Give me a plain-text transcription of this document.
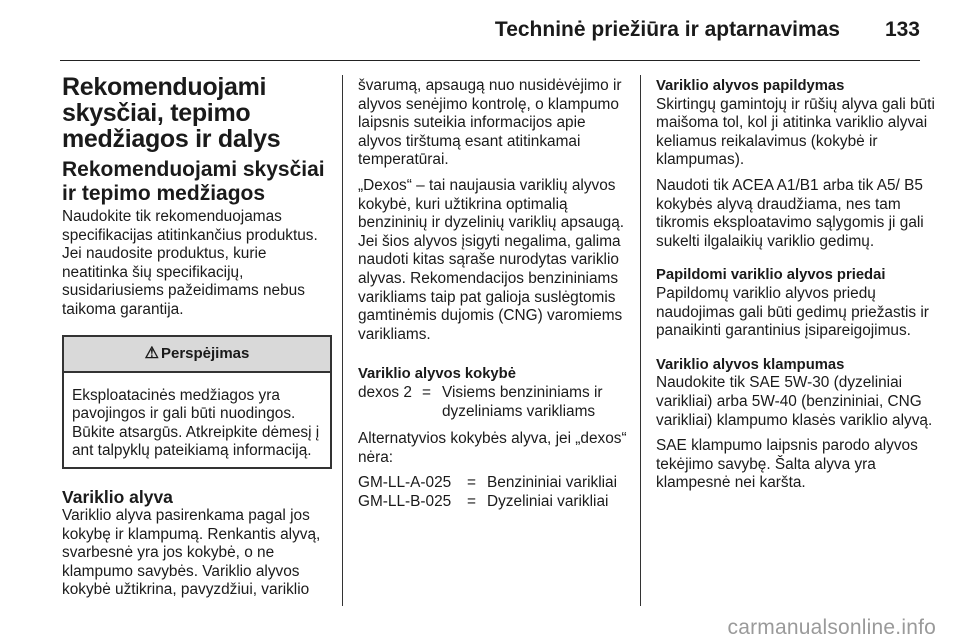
Techninė priežiūra ir aptarnavimas 133
Rekomenduojami skysčiai, tepimo medžiagos ir dalys
Rekomenduojami skysčiai ir tepimo medžiagos

Naudokite tik rekomenduojamas specifikacijas atitinkančius produktus. Jei naudosite produktus, kurie neatitinka šių specifikacijų, susidariusiems pažeidimams nebus taikoma garantija.

⚠ Perspėjimas
Eksploatacinės medžiagos yra pavojingos ir gali būti nuodingos. Būkite atsargūs. Atkreipkite dėmesį į ant talpyklų pateikiamą informaciją.
Variklio alyva

Variklio alyva pasirenkama pagal jos kokybę ir klampumą. Renkantis alyvą, svarbesnė yra jos kokybė, o ne klampumo savybės. Variklio alyvos kokybė užtikrina, pavyzdžiui, variklio

švarumą, apsaugą nuo nusidėvėjimo ir alyvos senėjimo kontrolę, o klampumo laipsnis suteikia informacijos apie alyvos tirštumą esant atitinkamai temperatūrai.

„Dexos“ – tai naujausia variklių alyvos kokybė, kuri užtikrina optimalią benzininių ir dyzelinių variklių apsaugą. Jei šios alyvos įsigyti negalima, galima naudoti kitas sąraše nurodytas variklio alyvas. Rekomendacijos benzininiams varikliams taip pat galioja suslėgtomis gamtinėmis dujomis (CNG) varomiems varikliams.

Variklio alyvos kokybė
dexos 2 = Visiems benzininiams ir dyzeliniams varikliams

Alternatyvios kokybės alyva, jei „dexos“ nėra:

GM-LL-A-025	= Benzininiai varikliai
GM-LL-B-025	= Dyzeliniai varikliai
Variklio alyvos papildymas

Skirtingų gamintojų ir rūšių alyva gali būti maišoma tol, kol ji atitinka variklio alyvai keliamus reikalavimus (kokybė ir klampumas).

Naudoti tik ACEA A1/B1 arba tik A5/ B5 kokybės alyvą draudžiama, nes tam tikromis eksploatavimo sąlygomis ji gali sukelti ilgalaikių variklio gedimų.

Papildomi variklio alyvos priedai

Papildomų variklio alyvos priedų naudojimas gali būti gedimų priežastis ir panaikinti garantinius įsipareigojimus.

Variklio alyvos klampumas

Naudokite tik SAE 5W-30 (dyzeliniai varikliai) arba 5W-40 (benzininiai, CNG varikliai) klampumo klasės variklio alyvą.

SAE klampumo laipsnis parodo alyvos tekėjimo savybę. Šalta alyva yra klampesnė nei karšta.

carmanualsonline.info
